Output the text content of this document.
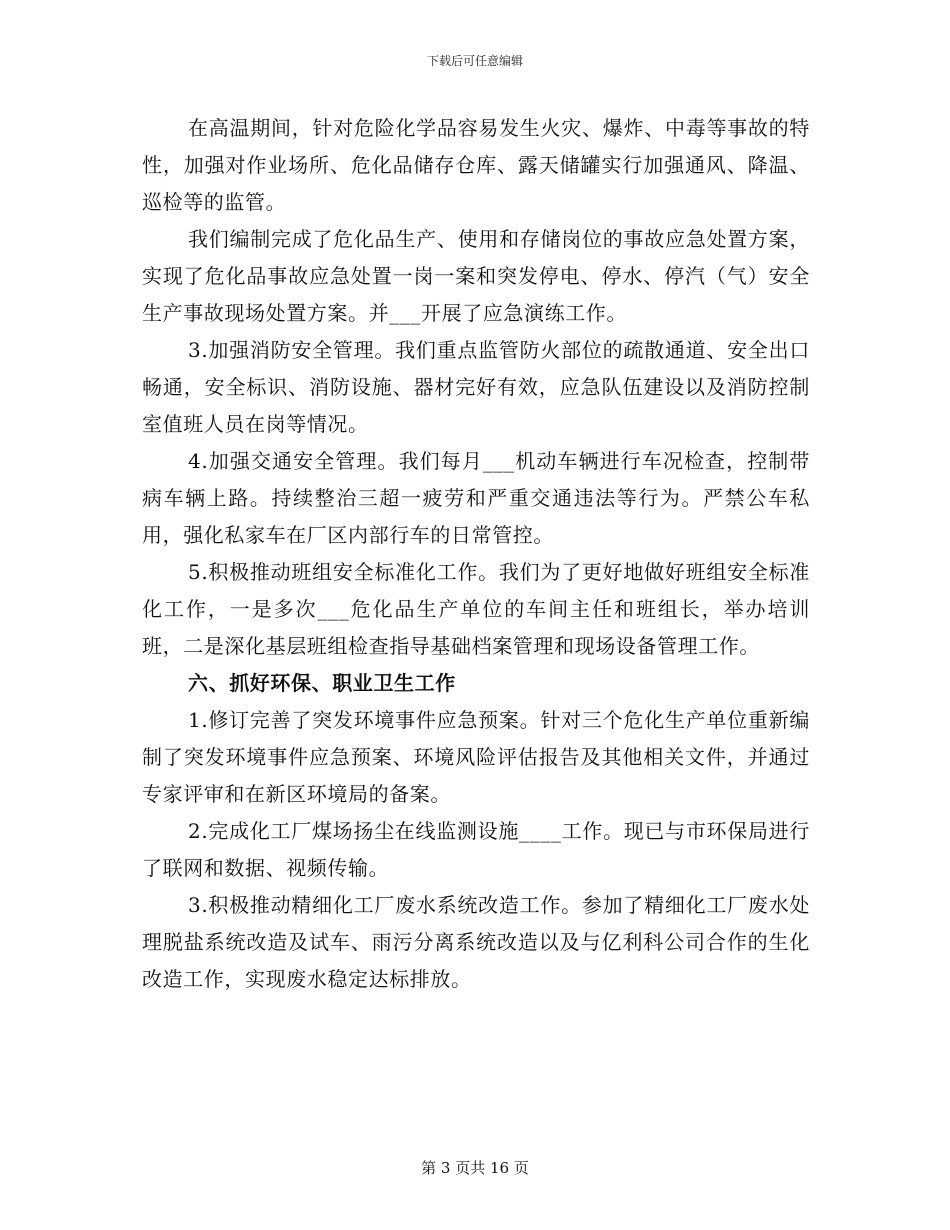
下载后可任意编辑

在高温期间，针对危险化学品容易发生火灾、爆炸、中毒等事故的特性，加强对作业场所、危化品储存仓库、露天储罐实行加强通风、降温、巡检等的监管。

我们编制完成了危化品生产、使用和存储岗位的事故应急处置方案，实现了危化品事故应急处置一岗一案和突发停电、停水、停汽（气）安全生产事故现场处置方案。并___开展了应急演练工作。

3.加强消防安全管理。我们重点监管防火部位的疏散通道、安全出口畅通，安全标识、消防设施、器材完好有效，应急队伍建设以及消防控制室值班人员在岗等情况。

4.加强交通安全管理。我们每月___机动车辆进行车况检查，控制带病车辆上路。持续整治三超一疲劳和严重交通违法等行为。严禁公车私用，强化私家车在厂区内部行车的日常管控。

5.积极推动班组安全标准化工作。我们为了更好地做好班组安全标准化工作，一是多次___危化品生产单位的车间主任和班组长，举办培训班，二是深化基层班组检查指导基础档案管理和现场设备管理工作。

六、抓好环保、职业卫生工作

1.修订完善了突发环境事件应急预案。针对三个危化生产单位重新编制了突发环境事件应急预案、环境风险评估报告及其他相关文件，并通过专家评审和在新区环境局的备案。

2.完成化工厂煤场扬尘在线监测设施____工作。现已与市环保局进行了联网和数据、视频传输。

3.积极推动精细化工厂废水系统改造工作。参加了精细化工厂废水处理脱盐系统改造及试车、雨污分离系统改造以及与亿利科公司合作的生化改造工作，实现废水稳定达标排放。

第 3 页共 16 页
